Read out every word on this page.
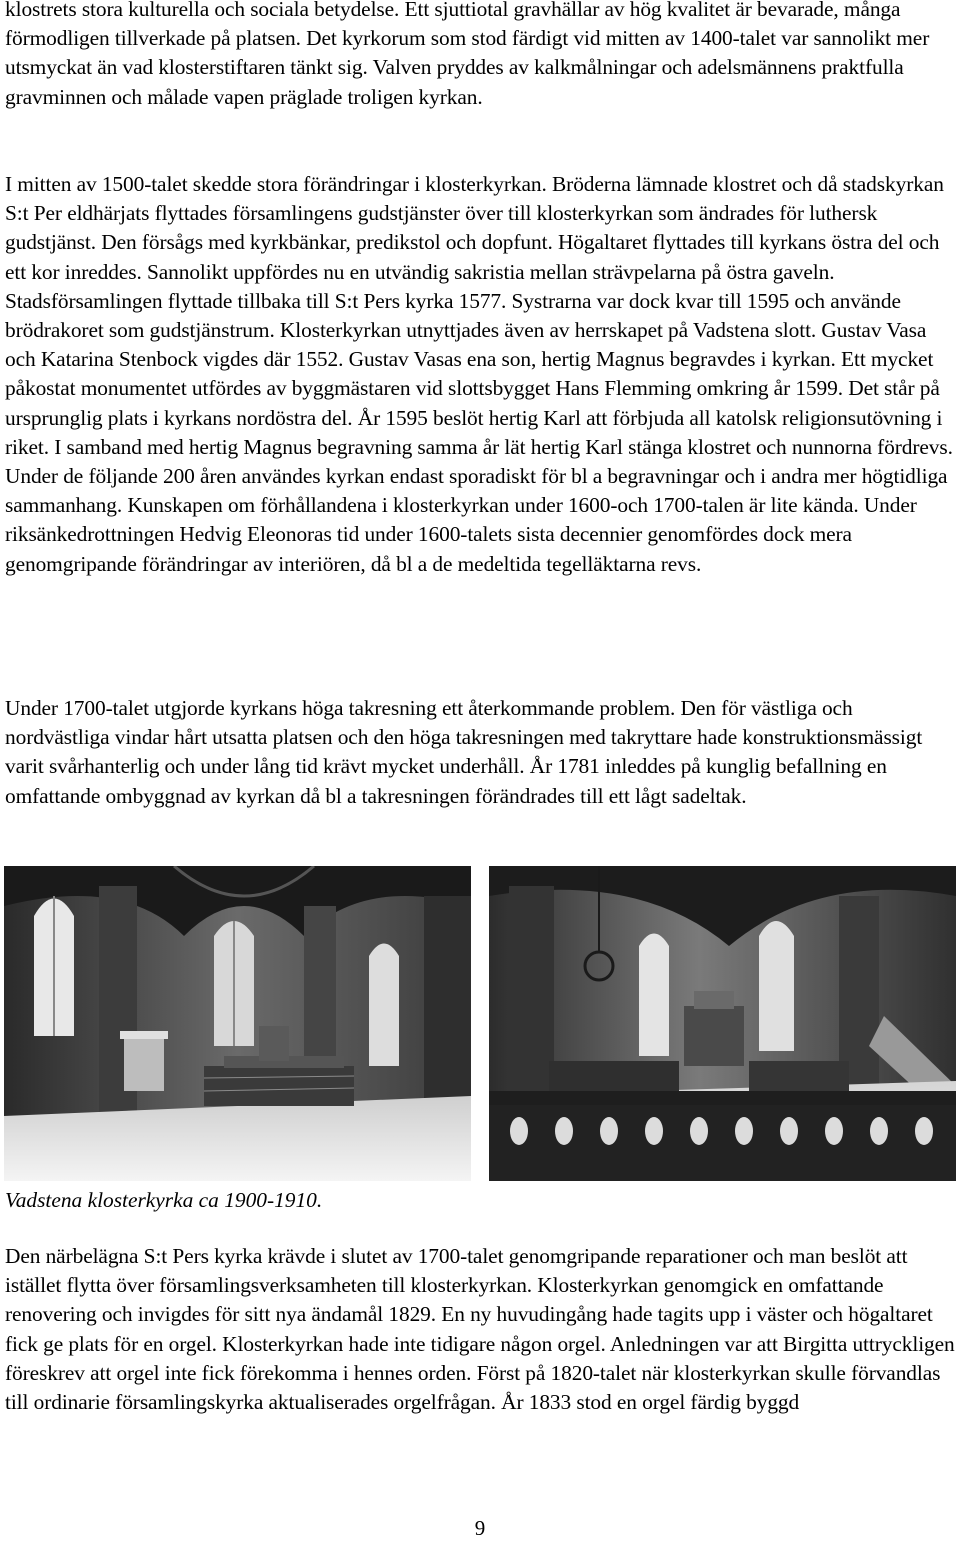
klostrets stora kulturella och sociala betydelse. Ett sjuttiotal gravhällar av hög kvalitet är bevarade, många förmodligen tillverkade på platsen. Det kyrkorum som stod färdigt vid mitten av 1400-talet var sannolikt mer utsmyckat än vad klosterstiftaren tänkt sig. Valven pryddes av kalkmålningar och adelsmännens praktfulla gravminnen och målade vapen präglade troligen kyrkan.

I mitten av 1500-talet skedde stora förändringar i klosterkyrkan. Bröderna lämnade klostret och då stadskyrkan S:t Per eldhärjats flyttades församlingens gudstjänster över till klosterkyrkan som ändrades för luthersk gudstjänst. Den försågs med kyrkbänkar, predikstol och dopfunt. Högaltaret flyttades till kyrkans östra del och ett kor inreddes. Sannolikt uppfördes nu en utvändig sakristia mellan strävpelarna på östra gaveln. Stadsförsamlingen flyttade tillbaka till S:t Pers kyrka 1577. Systrarna var dock kvar till 1595 och använde brödrakoret som gudstjänstrum. Klosterkyrkan utnyttjades även av herrskapet på Vadstena slott. Gustav Vasa och Katarina Stenbock vigdes där 1552. Gustav Vasas ena son, hertig Magnus begravdes i kyrkan. Ett mycket påkostat monumentet utfördes av byggmästaren vid slottsbygget Hans Flemming omkring år 1599. Det står på ursprunglig plats i kyrkans nordöstra del. År 1595 beslöt hertig Karl att förbjuda all katolsk religionsutövning i riket. I samband med hertig Magnus begravning samma år lät hertig Karl stänga klostret och nunnorna fördrevs. Under de följande 200 åren användes kyrkan endast sporadiskt för bl a begravningar och i andra mer högtidliga sammanhang. Kunskapen om förhållandena i klosterkyrkan under 1600-och 1700-talen är lite kända. Under riksänkedrottningen Hedvig Eleonoras tid under 1600-talets sista decennier genomfördes dock mera genomgripande förändringar av interiören, då bl a de medeltida tegelläktarna revs.

Under 1700-talet utgjorde kyrkans höga takresning ett återkommande problem. Den för västliga och nordvästliga vindar hårt utsatta platsen och den höga takresningen med takryttare hade konstruktionsmässigt varit svårhanterlig och under lång tid krävt mycket underhåll. År 1781 inleddes på kunglig befallning en omfattande ombyggnad av kyrkan då bl a takresningen förändrades till ett lågt sadeltak.

Vadstena klosterkyrka ca 1900-1910.

Den närbelägna S:t Pers kyrka krävde i slutet av 1700-talet genomgripande reparationer och man beslöt att istället flytta över församlingsverksamheten till klosterkyrkan. Klosterkyrkan genomgick en omfattande renovering och invigdes för sitt nya ändamål 1829. En ny huvudingång hade tagits upp i väster och högaltaret fick ge plats för en orgel. Klosterkyrkan hade inte tidigare någon orgel. Anledningen var att Birgitta uttryckligen föreskrev att orgel inte fick förekomma i hennes orden. Först på 1820-talet när klosterkyrkan skulle förvandlas till ordinarie församlingskyrka aktualiserades orgelfrågan. År 1833 stod en orgel färdig byggd

9
